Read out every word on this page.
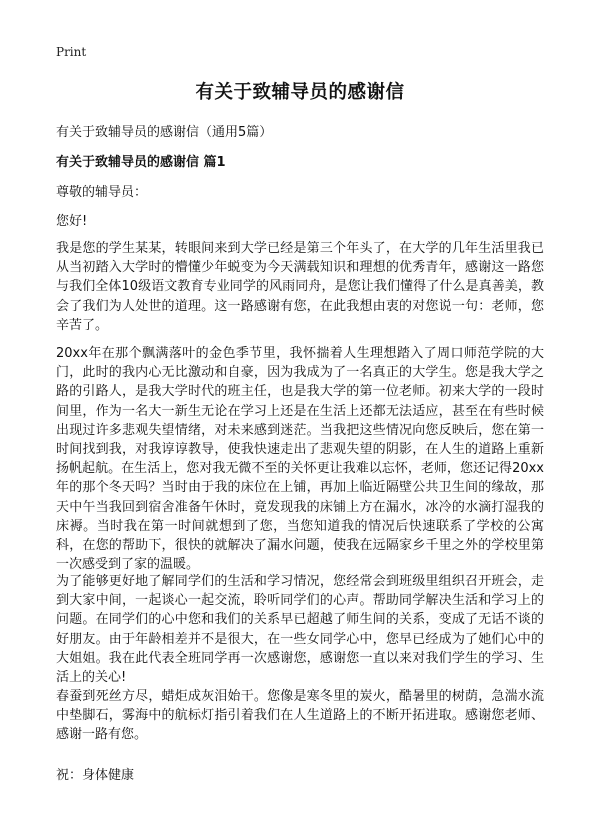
Print
有关于致辅导员的感谢信

有关于致辅导员的感谢信（通用5篇）

有关于致辅导员的感谢信 篇1

尊敬的辅导员：

您好!

我是您的学生某某，转眼间来到大学已经是第三个年头了，在大学的几年生活里我已从当初踏入大学时的懵懂少年蜕变为今天满载知识和理想的优秀青年，感谢这一路您与我们全体10级语文教育专业同学的风雨同舟，是您让我们懂得了什么是真善美，教会了我们为人处世的道理。这一路感谢有您，在此我想由衷的对您说一句：老师，您辛苦了。

20xx年在那个飘满落叶的金色季节里，我怀揣着人生理想踏入了周口师范学院的大门，此时的我内心无比激动和自豪，因为我成为了一名真正的大学生。您是我大学之路的引路人，是我大学时代的班主任，也是我大学的第一位老师。初来大学的一段时间里，作为一名大一新生无论在学习上还是在生活上还都无法适应，甚至在有些时候出现过许多悲观失望情绪，对未来感到迷茫。当我把这些情况向您反映后，您在第一时间找到我，对我谆谆教导，使我快速走出了悲观失望的阴影，在人生的道路上重新扬帆起航。在生活上，您对我无微不至的关怀更让我难以忘怀，老师，您还记得20xx年的那个冬天吗？当时由于我的床位在上铺，再加上临近隔壁公共卫生间的缘故，那天中午当我回到宿舍准备午休时，竟发现我的床铺上方在漏水，冰冷的水滴打湿我的床褥。当时我在第一时间就想到了您，当您知道我的情况后快速联系了学校的公寓科，在您的帮助下，很快的就解决了漏水问题，使我在远隔家乡千里之外的学校里第一次感受到了家的温暖。

为了能够更好地了解同学们的生活和学习情况，您经常会到班级里组织召开班会，走到大家中间，一起谈心一起交流，聆听同学们的心声。帮助同学解决生活和学习上的问题。在同学们的心中您和我们的关系早已超越了师生间的关系，变成了无话不谈的好朋友。由于年龄相差并不是很大，在一些女同学心中，您早已经成为了她们心中的大姐姐。我在此代表全班同学再一次感谢您，感谢您一直以来对我们学生的学习、生活上的关心!

春蚕到死丝方尽，蜡炬成灰泪始干。您像是寒冬里的炭火，酷暑里的树荫，急湍水流中垫脚石，雾海中的航标灯指引着我们在人生道路上的不断开拓进取。感谢您老师、感谢一路有您。

祝：身体健康
